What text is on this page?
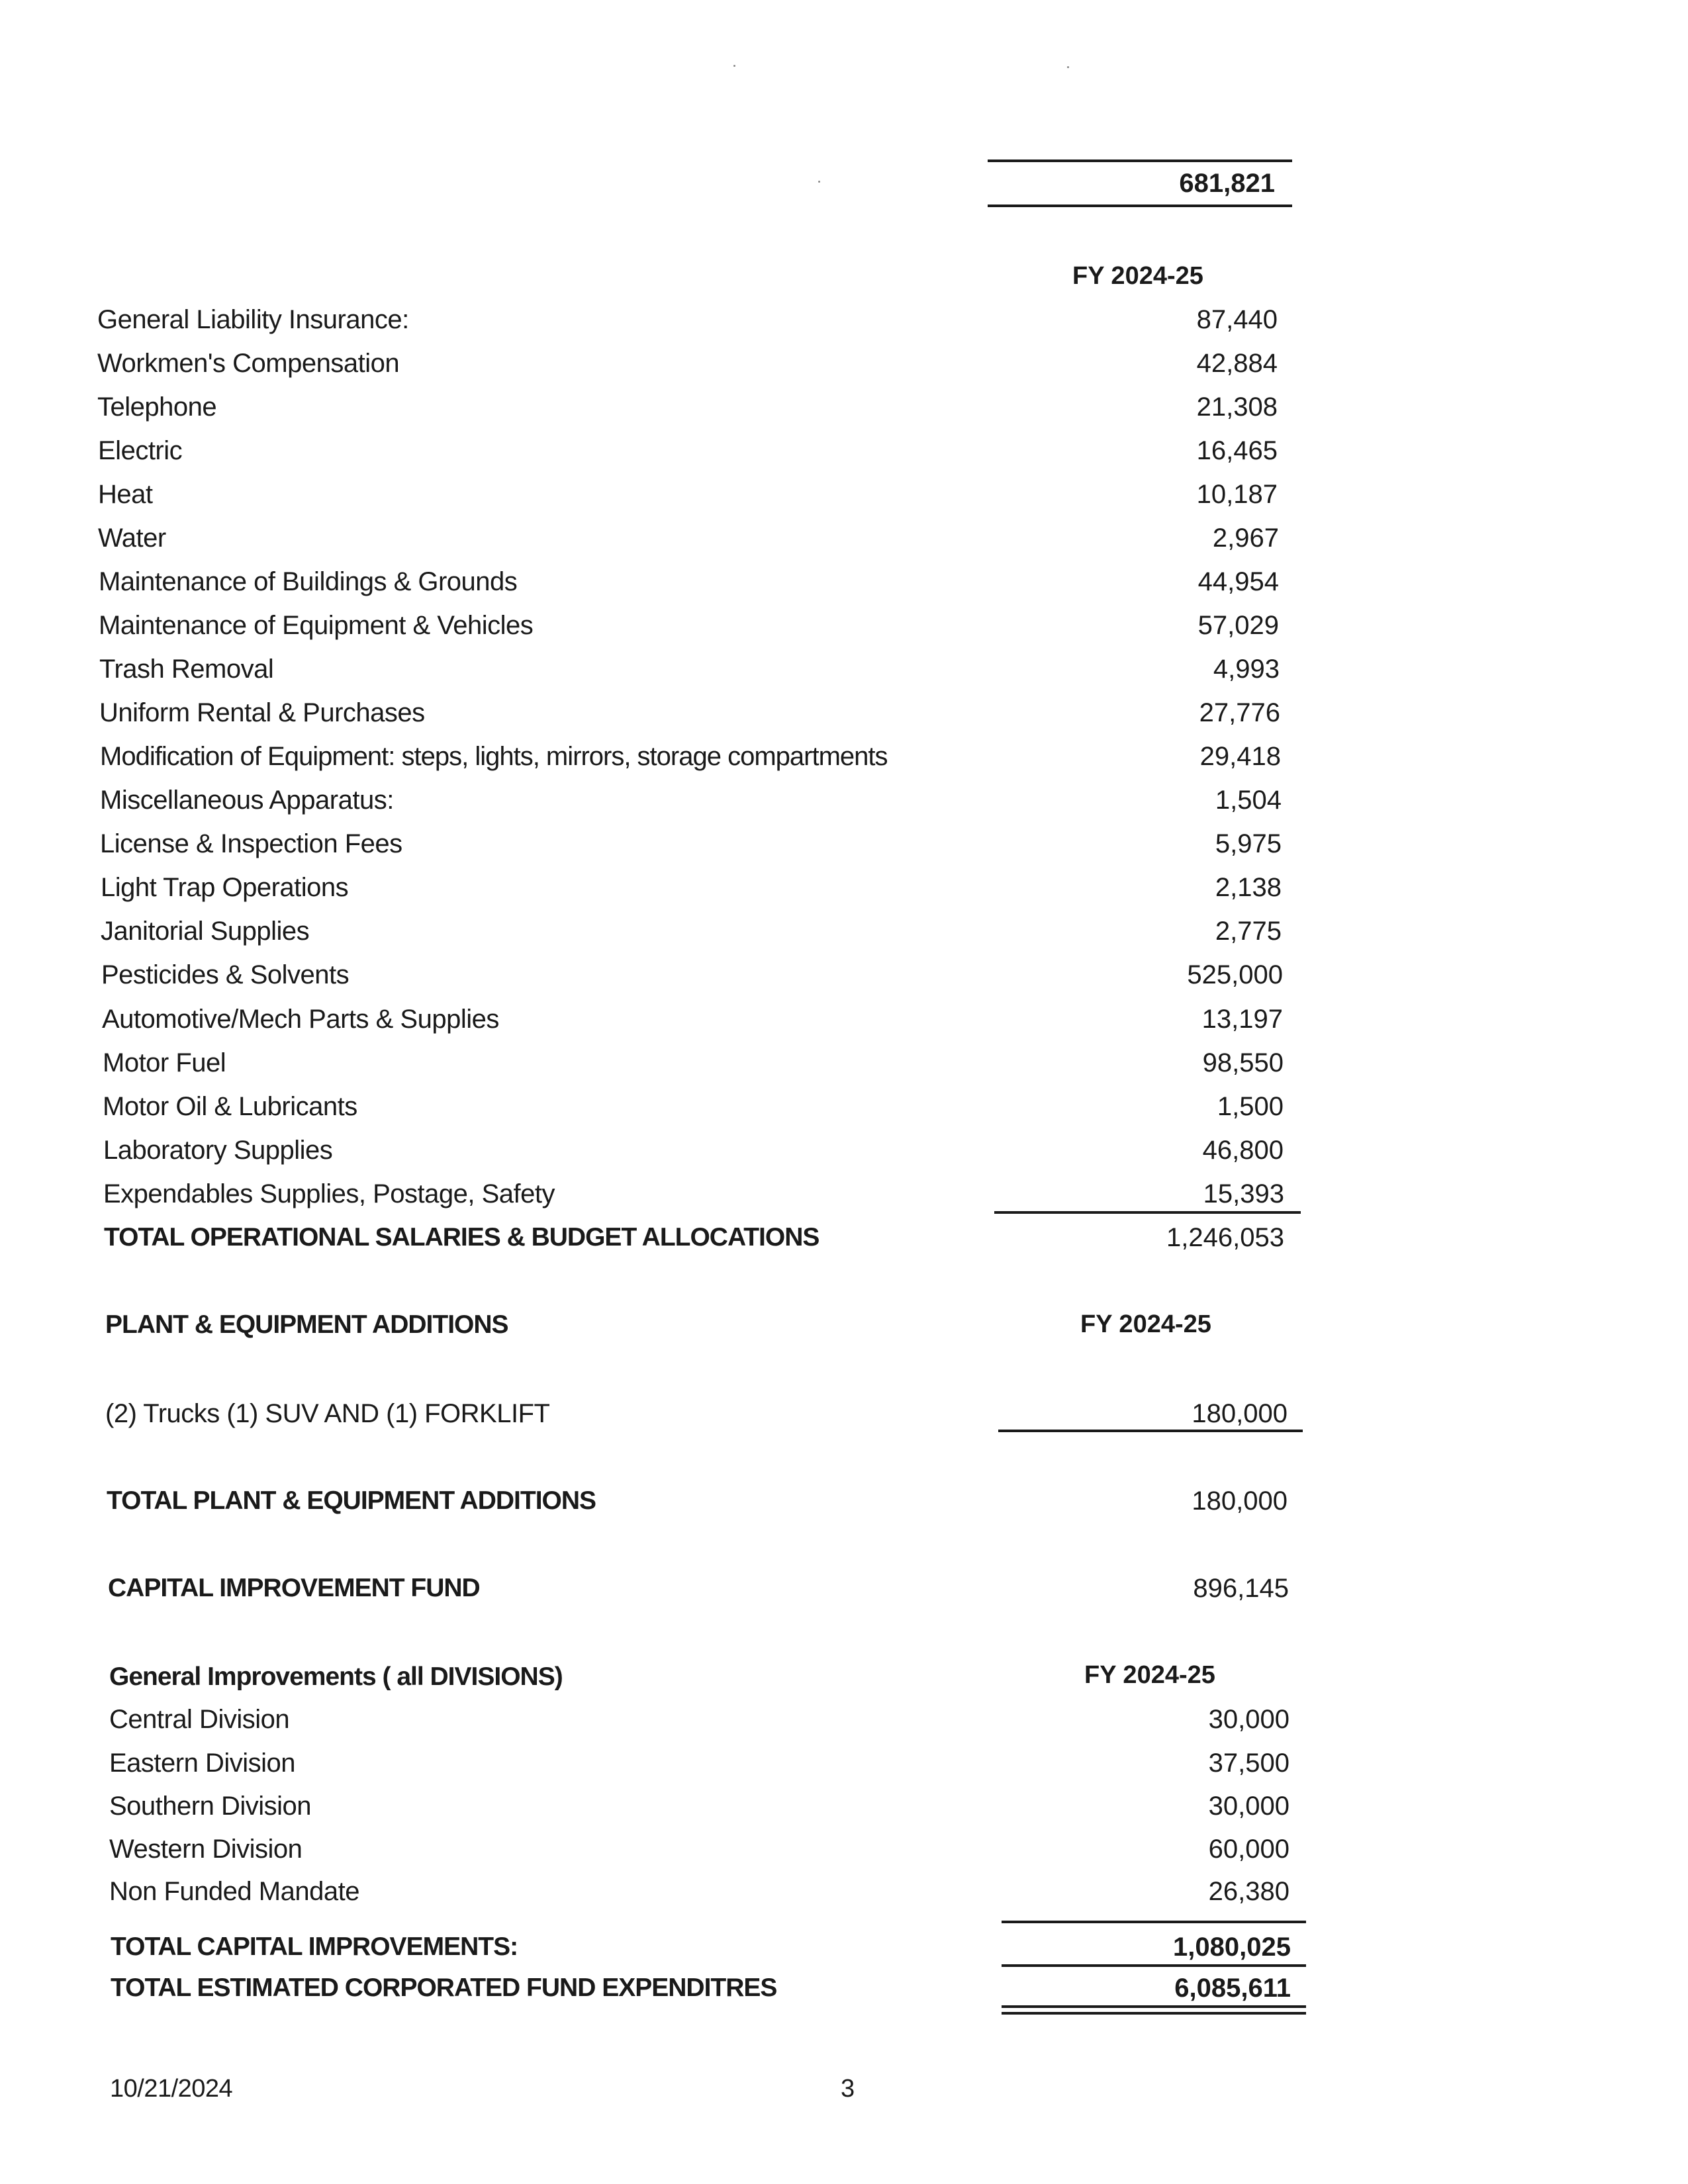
681,821
FY 2024-25
General Liability Insurance:	87,440
Workmen's Compensation	42,884
Telephone	21,308
Electric	16,465
Heat	10,187
Water	2,967
Maintenance of Buildings & Grounds	44,954
Maintenance of Equipment & Vehicles	57,029
Trash Removal	4,993
Uniform Rental & Purchases	27,776
Modification of Equipment: steps, lights, mirrors, storage compartments	29,418
Miscellaneous Apparatus:	1,504
License & Inspection Fees	5,975
Light Trap Operations	2,138
Janitorial Supplies	2,775
Pesticides & Solvents	525,000
Automotive/Mech Parts & Supplies	13,197
Motor Fuel	98,550
Motor Oil & Lubricants	1,500
Laboratory Supplies	46,800
Expendables Supplies, Postage, Safety	15,393
TOTAL OPERATIONAL SALARIES & BUDGET ALLOCATIONS	1,246,053
PLANT & EQUIPMENT ADDITIONS	FY 2024-25
(2) Trucks (1) SUV AND (1) FORKLIFT	180,000
TOTAL PLANT & EQUIPMENT ADDITIONS	180,000
CAPITAL IMPROVEMENT FUND	896,145
General Improvements ( all DIVISIONS)	FY 2024-25
Central Division	30,000
Eastern Division	37,500
Southern Division	30,000
Western Division	60,000
Non Funded Mandate	26,380
TOTAL CAPITAL IMPROVEMENTS:	1,080,025
TOTAL ESTIMATED CORPORATED FUND EXPENDITRES	6,085,611
10/21/2024	3
